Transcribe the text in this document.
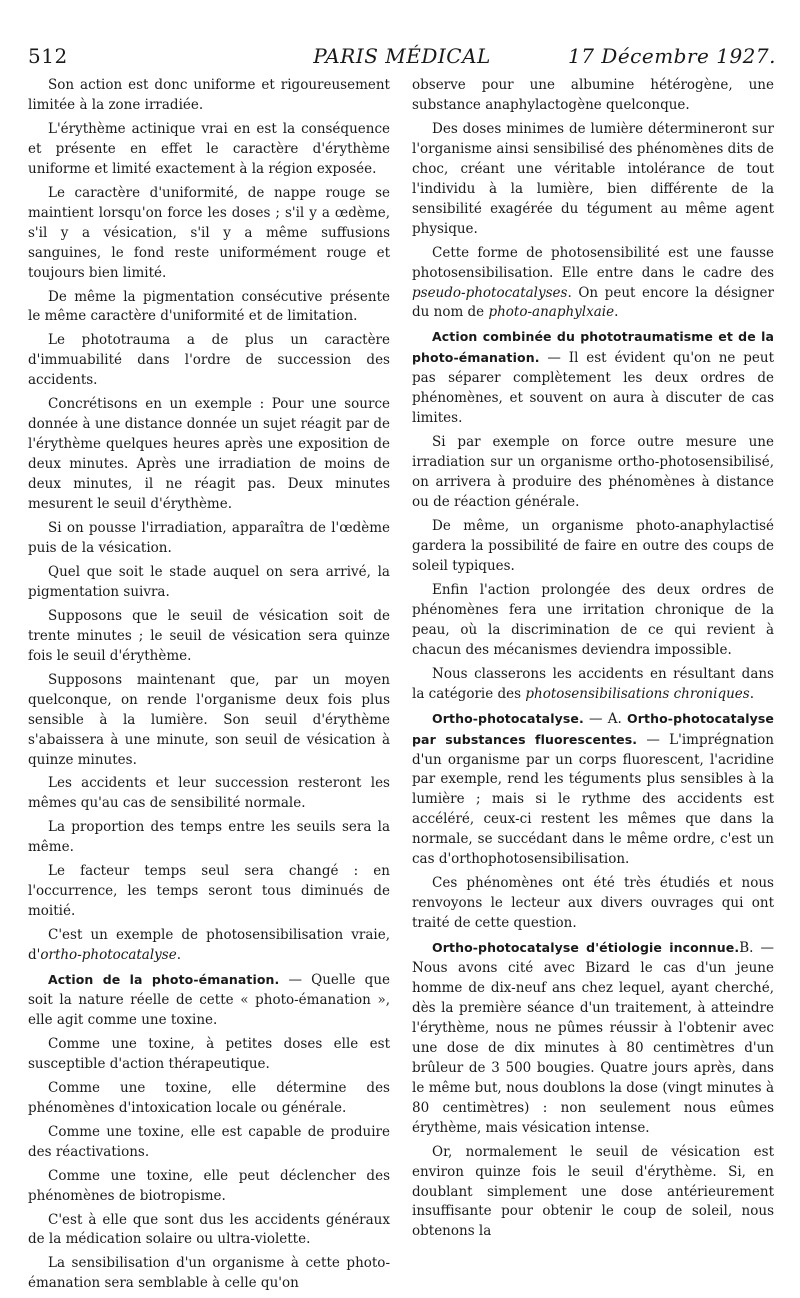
512	PARIS MÉDICAL	17 Décembre 1927.

Son action est donc uniforme et rigoureusement limitée à la zone irradiée.

L'érythème actinique vrai en est la conséquence et présente en effet le caractère d'érythème uniforme et limité exactement à la région exposée.

Le caractère d'uniformité, de nappe rouge se maintient lorsqu'on force les doses ; s'il y a œdème, s'il y a vésication, s'il y a même suffusions sanguines, le fond reste uniformément rouge et toujours bien limité.

De même la pigmentation consécutive présente le même caractère d'uniformité et de limitation.

Le phototrauma a de plus un caractère d'immuabilité dans l'ordre de succession des accidents.

Concrétisons en un exemple : Pour une source donnée à une distance donnée un sujet réagit par de l'érythème quelques heures après une exposition de deux minutes. Après une irradiation de moins de deux minutes, il ne réagit pas. Deux minutes mesurent le seuil d'érythème.

Si on pousse l'irradiation, apparaîtra de l'œdème puis de la vésication.

Quel que soit le stade auquel on sera arrivé, la pigmentation suivra.

Supposons que le seuil de vésication soit de trente minutes ; le seuil de vésication sera quinze fois le seuil d'érythème.

Supposons maintenant que, par un moyen quelconque, on rende l'organisme deux fois plus sensible à la lumière. Son seuil d'érythème s'abaissera à une minute, son seuil de vésication à quinze minutes.

Les accidents et leur succession resteront les mêmes qu'au cas de sensibilité normale.

La proportion des temps entre les seuils sera la même.

Le facteur temps seul sera changé : en l'occurrence, les temps seront tous diminués de moitié.

C'est un exemple de photosensibilisation vraie, d'ortho-photocatalyse.

Action de la photo-émanation. — Quelle que soit la nature réelle de cette « photo-émanation », elle agit comme une toxine.

Comme une toxine, à petites doses elle est susceptible d'action thérapeutique.

Comme une toxine, elle détermine des phénomènes d'intoxication locale ou générale.

Comme une toxine, elle est capable de produire des réactivations.

Comme une toxine, elle peut déclencher des phénomènes de biotropisme.

C'est à elle que sont dus les accidents généraux de la médication solaire ou ultra-violette.

La sensibilisation d'un organisme à cette photo-émanation sera semblable à celle qu'on

observe pour une albumine hétérogène, une substance anaphylactogène quelconque.

Des doses minimes de lumière détermineront sur l'organisme ainsi sensibilisé des phénomènes dits de choc, créant une véritable intolérance de tout l'individu à la lumière, bien différente de la sensibilité exagérée du tégument au même agent physique.

Cette forme de photosensibilité est une fausse photosensibilisation. Elle entre dans le cadre des pseudo-photocatalyses. On peut encore la désigner du nom de photo-anaphylxaie.

Action combinée du phototraumatisme et de la photo-émanation. — Il est évident qu'on ne peut pas séparer complètement les deux ordres de phénomènes, et souvent on aura à discuter de cas limites.

Si par exemple on force outre mesure une irradiation sur un organisme ortho-photosensibilisé, on arrivera à produire des phénomènes à distance ou de réaction générale.

De même, un organisme photo-anaphylactisé gardera la possibilité de faire en outre des coups de soleil typiques.

Enfin l'action prolongée des deux ordres de phénomènes fera une irritation chronique de la peau, où la discrimination de ce qui revient à chacun des mécanismes deviendra impossible.

Nous classerons les accidents en résultant dans la catégorie des photosensibilisations chroniques.

Ortho-photocatalyse. — A. Ortho-photocatalyse par substances fluorescentes. — L'imprégnation d'un organisme par un corps fluorescent, l'acridine par exemple, rend les téguments plus sensibles à la lumière ; mais si le rythme des accidents est accéléré, ceux-ci restent les mêmes que dans la normale, se succédant dans le même ordre, c'est un cas d'orthophotosensibilisation.

Ces phénomènes ont été très étudiés et nous renvoyons le lecteur aux divers ouvrages qui ont traité de cette question.

Ortho-photocatalyse d'étiologie inconnue.B. — Nous avons cité avec Bizard le cas d'un jeune homme de dix-neuf ans chez lequel, ayant cherché, dès la première séance d'un traitement, à atteindre l'érythème, nous ne pûmes réussir à l'obtenir avec une dose de dix minutes à 80 centimètres d'un brûleur de 3 500 bougies. Quatre jours après, dans le même but, nous doublons la dose (vingt minutes à 80 centimètres) : non seulement nous eûmes érythème, mais vésication intense.

Or, normalement le seuil de vésication est environ quinze fois le seuil d'érythème. Si, en doublant simplement une dose antérieurement insuffisante pour obtenir le coup de soleil, nous obtenons la
